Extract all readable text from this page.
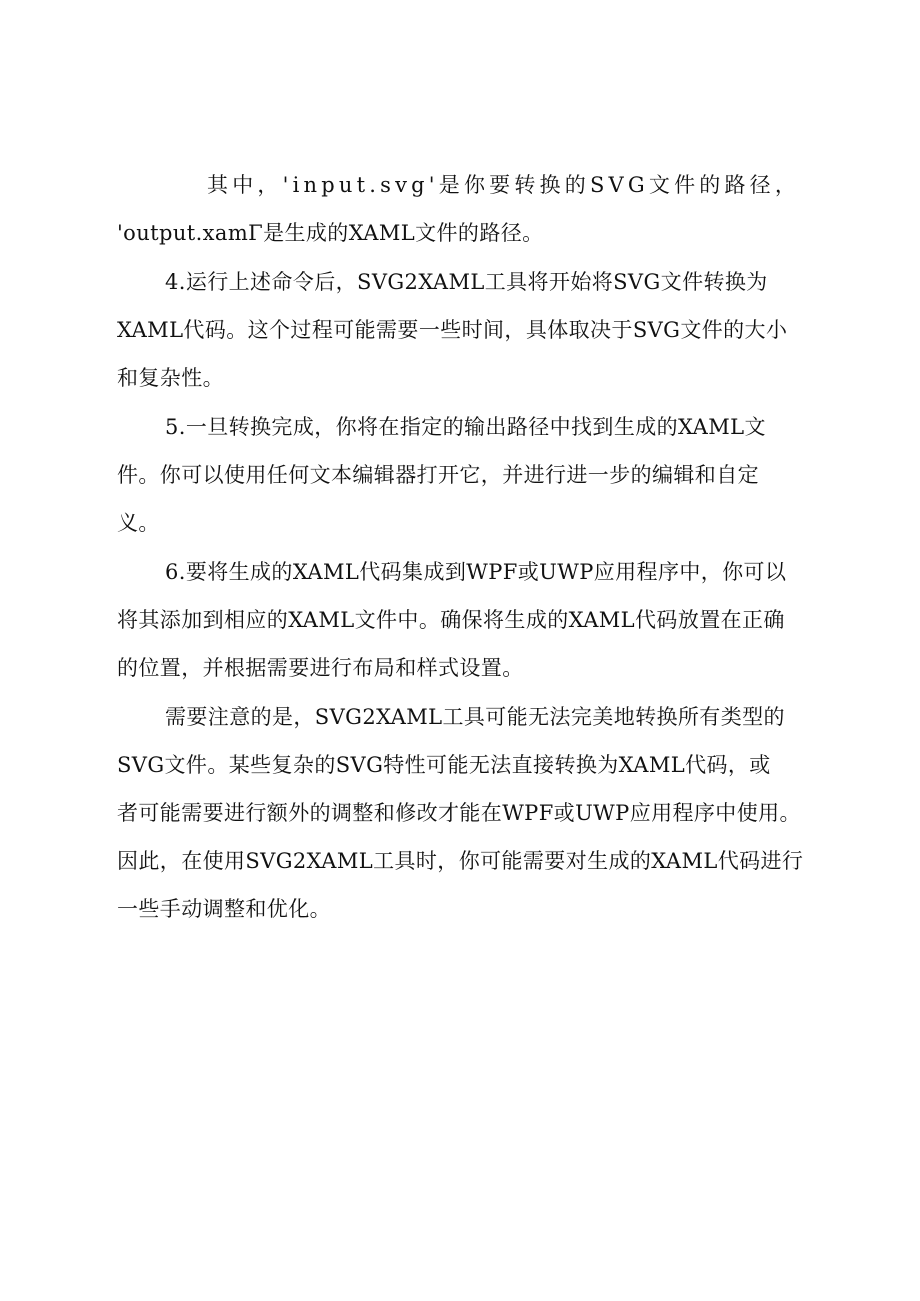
其中，'input.svg'是你要转换的SVG文件的路径，
'output.xamΓ是生成的XAML文件的路径。

4.运行上述命令后，SVG2XAML工具将开始将SVG文件转换为
XAML代码。这个过程可能需要一些时间，具体取决于SVG文件的大小
和复杂性。

5.一旦转换完成，你将在指定的输出路径中找到生成的XAML文
件。你可以使用任何文本编辑器打开它，并进行进一步的编辑和自定
义。

6.要将生成的XAML代码集成到WPF或UWP应用程序中，你可以
将其添加到相应的XAML文件中。确保将生成的XAML代码放置在正确
的位置，并根据需要进行布局和样式设置。

需要注意的是，SVG2XAML工具可能无法完美地转换所有类型的
SVG文件。某些复杂的SVG特性可能无法直接转换为XAML代码，或
者可能需要进行额外的调整和修改才能在WPF或UWP应用程序中使用。
因此，在使用SVG2XAML工具时，你可能需要对生成的XAML代码进行
一些手动调整和优化。
